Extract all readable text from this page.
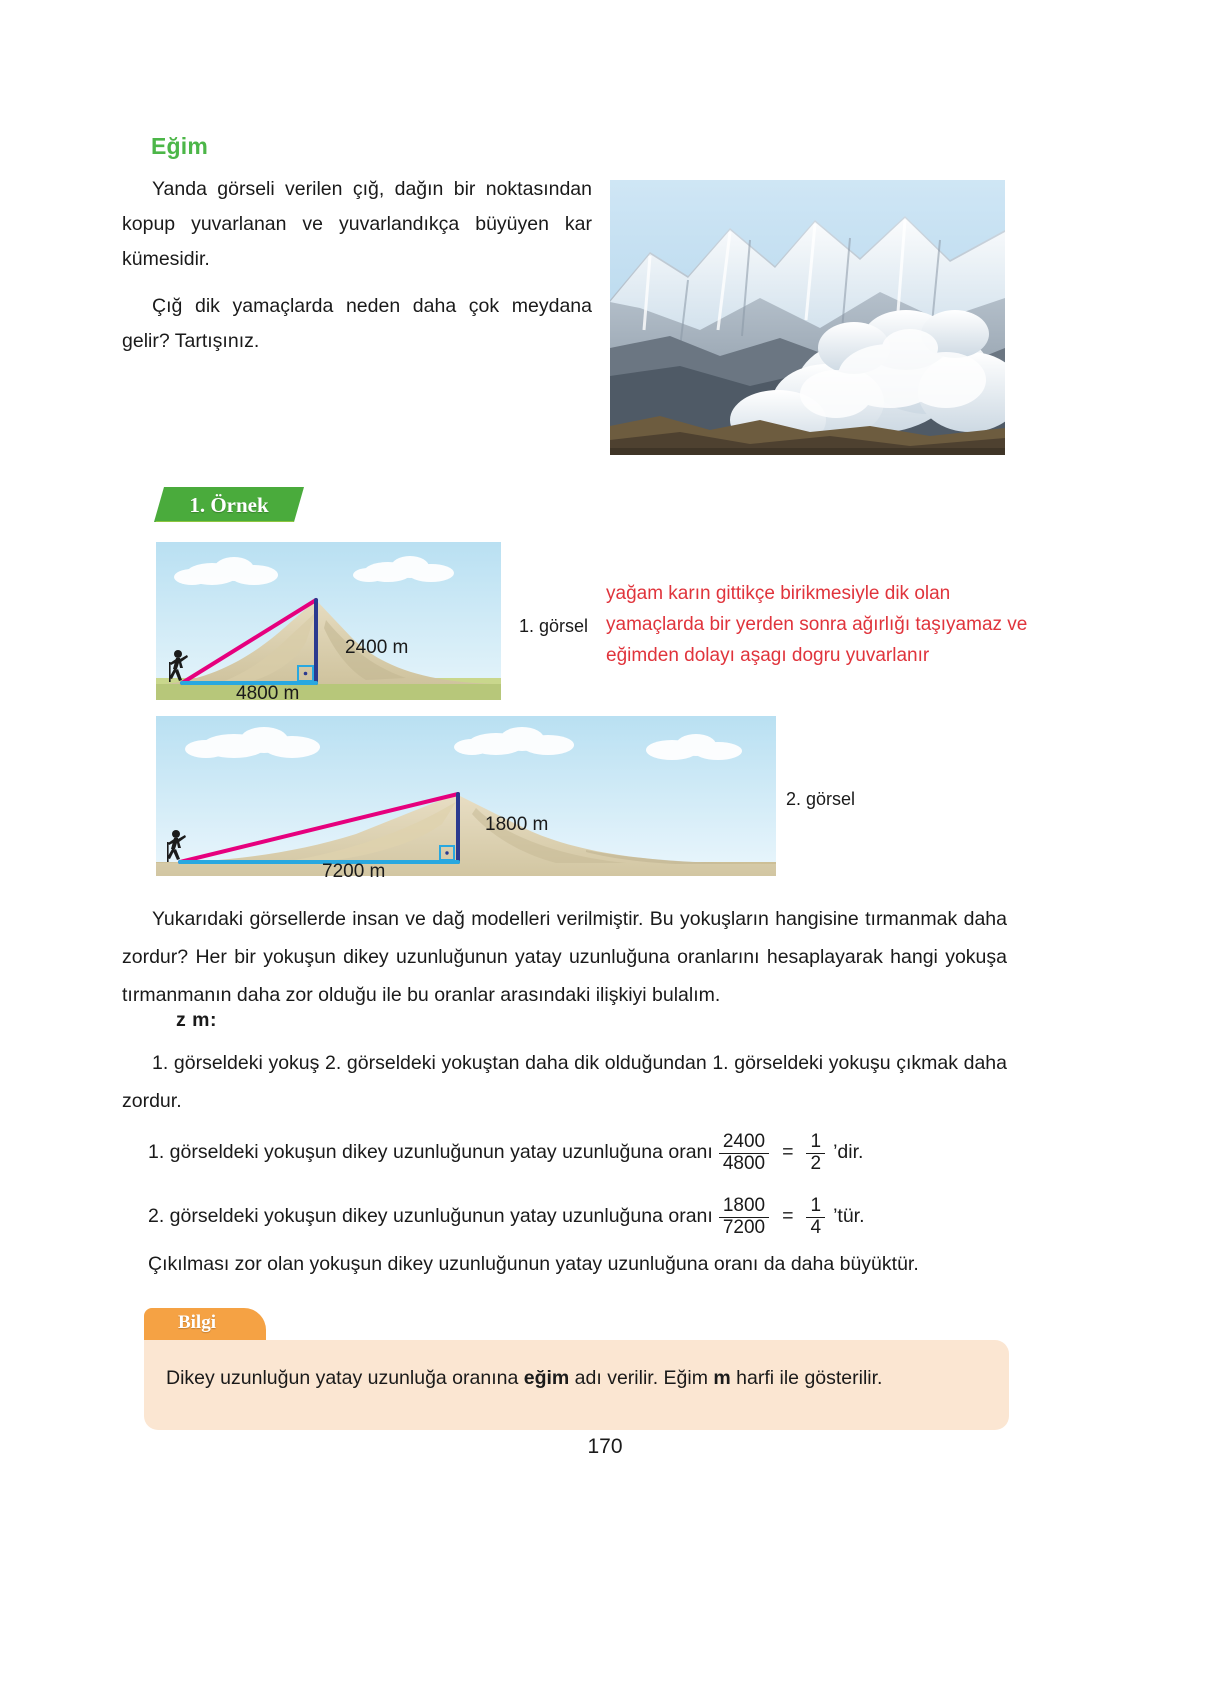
Eğim

Yanda görseli verilen çığ, dağın bir noktasından kopup yuvarlanan ve yuvarlandıkça büyüyen kar kümesidir.

Çığ dik yamaçlarda neden daha çok meydana gelir? Tartışınız.

1. Örnek
1. görsel
2400 m
4800 m
2. görsel
1800 m
7200 m
yağam karın gittikçe birikmesiyle dik olan
yamaçlarda bir yerden sonra ağırlığı taşıyamaz ve
eğimden dolayı aşagı dogru yuvarlanır

Yukarıdaki görsellerde insan ve dağ modelleri verilmiştir. Bu yokuşların hangisine tırmanmak daha zordur? Her bir yokuşun dikey uzunluğunun yatay uzunluğuna oranlarını hesaplayarak hangi yokuşa tırmanmanın daha zor olduğu ile bu oranlar arasındaki ilişkiyi bulalım.

z m:

1. görseldeki yokuş 2. görseldeki yokuştan daha dik olduğundan 1. görseldeki yokuşu çıkmak daha zordur.

1. görseldeki yokuşun dikey uzunluğunun yatay uzunluğuna oranı $\frac{2400}{4800} = \frac{1}{2}$ ’dir.
2. görseldeki yokuşun dikey uzunluğunun yatay uzunluğuna oranı $\frac{1800}{7200} = \frac{1}{4}$ ’tür.
Çıkılması zor olan yokuşun dikey uzunluğunun yatay uzunluğuna oranı da daha büyüktür.
Bilgi
Dikey uzunluğun yatay uzunluğa oranına eğim adı verilir. Eğim m harfi ile gösterilir.
170
